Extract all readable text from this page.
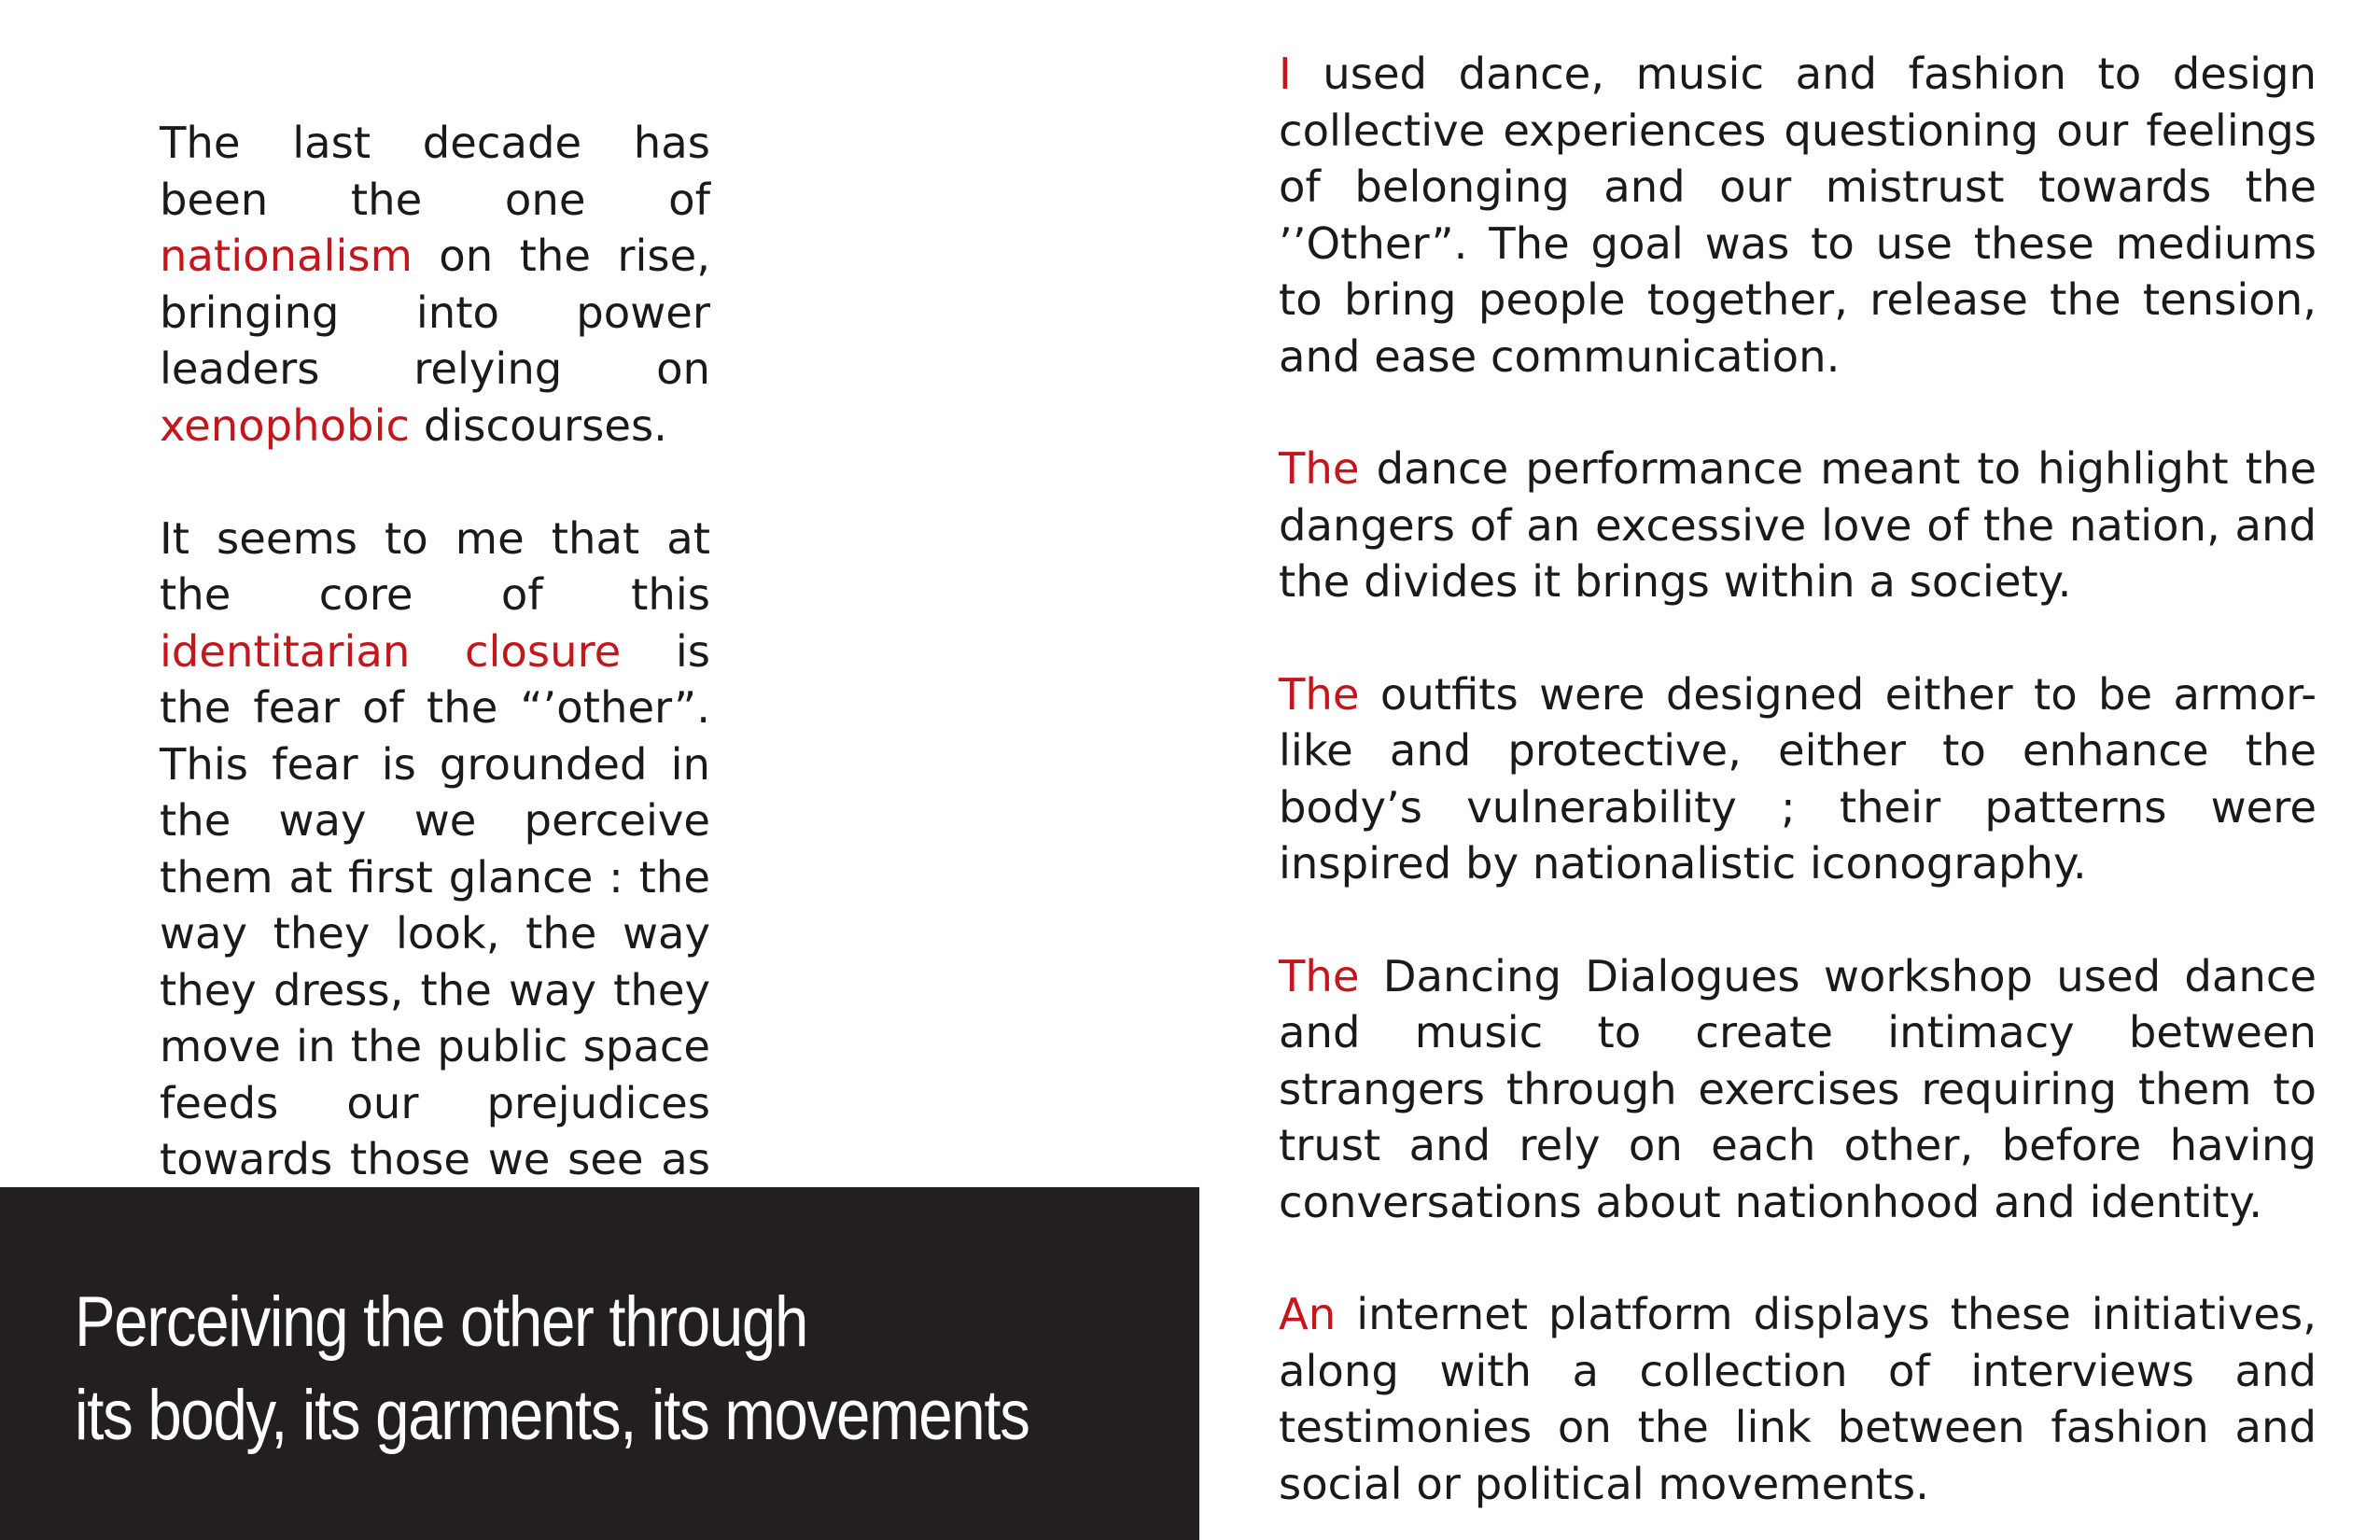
The last decade has been the one of nationalism on the rise, bringing into power leaders relying on xenophobic discourses.

It seems to me that at the core of this identitarian closure is the fear of the “’other”. This fear is grounded in the way we perceive them at first glance : the way they look, the way they dress, the way they move in the public space feeds our prejudices towards those we see as

I used dance, music and fashion to design collective experiences questioning our feelings of belonging and our mistrust towards the ’’Other”. The goal was to use these mediums to bring people together, release the tension, and ease communication.

The dance performance meant to highlight the dangers of an excessive love of the nation, and the divides it brings within a society.

The outfits were designed either to be armor-like and protective, either to enhance the body’s vulnerability ; their patterns were inspired by nationalistic iconography.

The Dancing Dialogues workshop used dance and music to create intimacy between strangers through exercises requiring them to trust and rely on each other, before having conversations about nationhood and identity.

An internet platform displays these initiatives, along with a collection of interviews and testimonies on the link between fashion and social or political movements.

Perceiving the other through
its body, its garments, its movements
